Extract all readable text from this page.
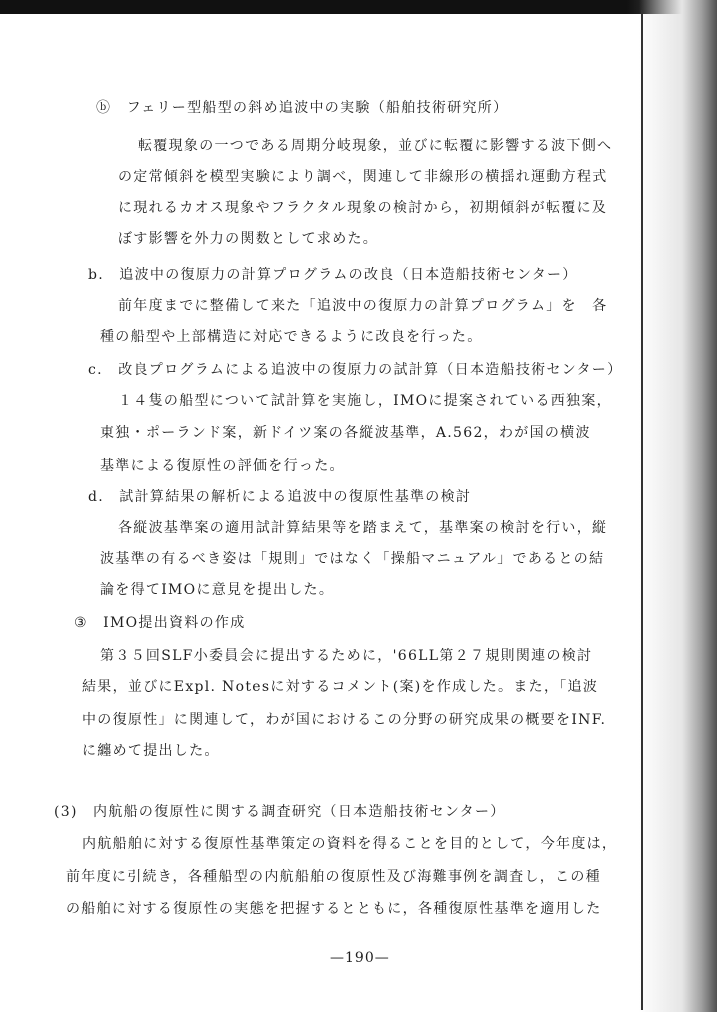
ⓑ　フェリー型船型の斜め追波中の実験（船舶技術研究所）
転覆現象の一つである周期分岐現象，並びに転覆に影響する波下側へ
の定常傾斜を模型実験により調べ，関連して非線形の横揺れ運動方程式
に現れるカオス現象やフラクタル現象の検討から，初期傾斜が転覆に及
ぼす影響を外力の関数として求めた。
b.　追波中の復原力の計算プログラムの改良（日本造船技術センター）
前年度までに整備して来た「追波中の復原力の計算プログラム」を　各
種の船型や上部構造に対応できるように改良を行った。
c.　改良プログラムによる追波中の復原力の試計算（日本造船技術センター）
１４隻の船型について試計算を実施し，IMOに提案されている西独案，
東独・ポーランド案，新ドイツ案の各縦波基準，A.562，わが国の横波
基準による復原性の評価を行った。
d.　試計算結果の解析による追波中の復原性基準の検討
各縦波基準案の適用試計算結果等を踏まえて，基準案の検討を行い，縦
波基準の有るべき姿は「規則」ではなく「操船マニュアル」であるとの結
論を得てIMOに意見を提出した。
③　IMO提出資料の作成
第３５回SLF小委員会に提出するために，'66LL第２７規則関連の検討
結果，並びにExpl. Notesに対するコメント(案)を作成した。また，「追波
中の復原性」に関連して，わが国におけるこの分野の研究成果の概要をINF.
に纏めて提出した。
(3)　内航船の復原性に関する調査研究（日本造船技術センター）
内航船舶に対する復原性基準策定の資料を得ることを目的として，今年度は，
前年度に引続き，各種船型の内航船舶の復原性及び海難事例を調査し，この種
の船舶に対する復原性の実態を把握するとともに，各種復原性基準を適用した
—190—
